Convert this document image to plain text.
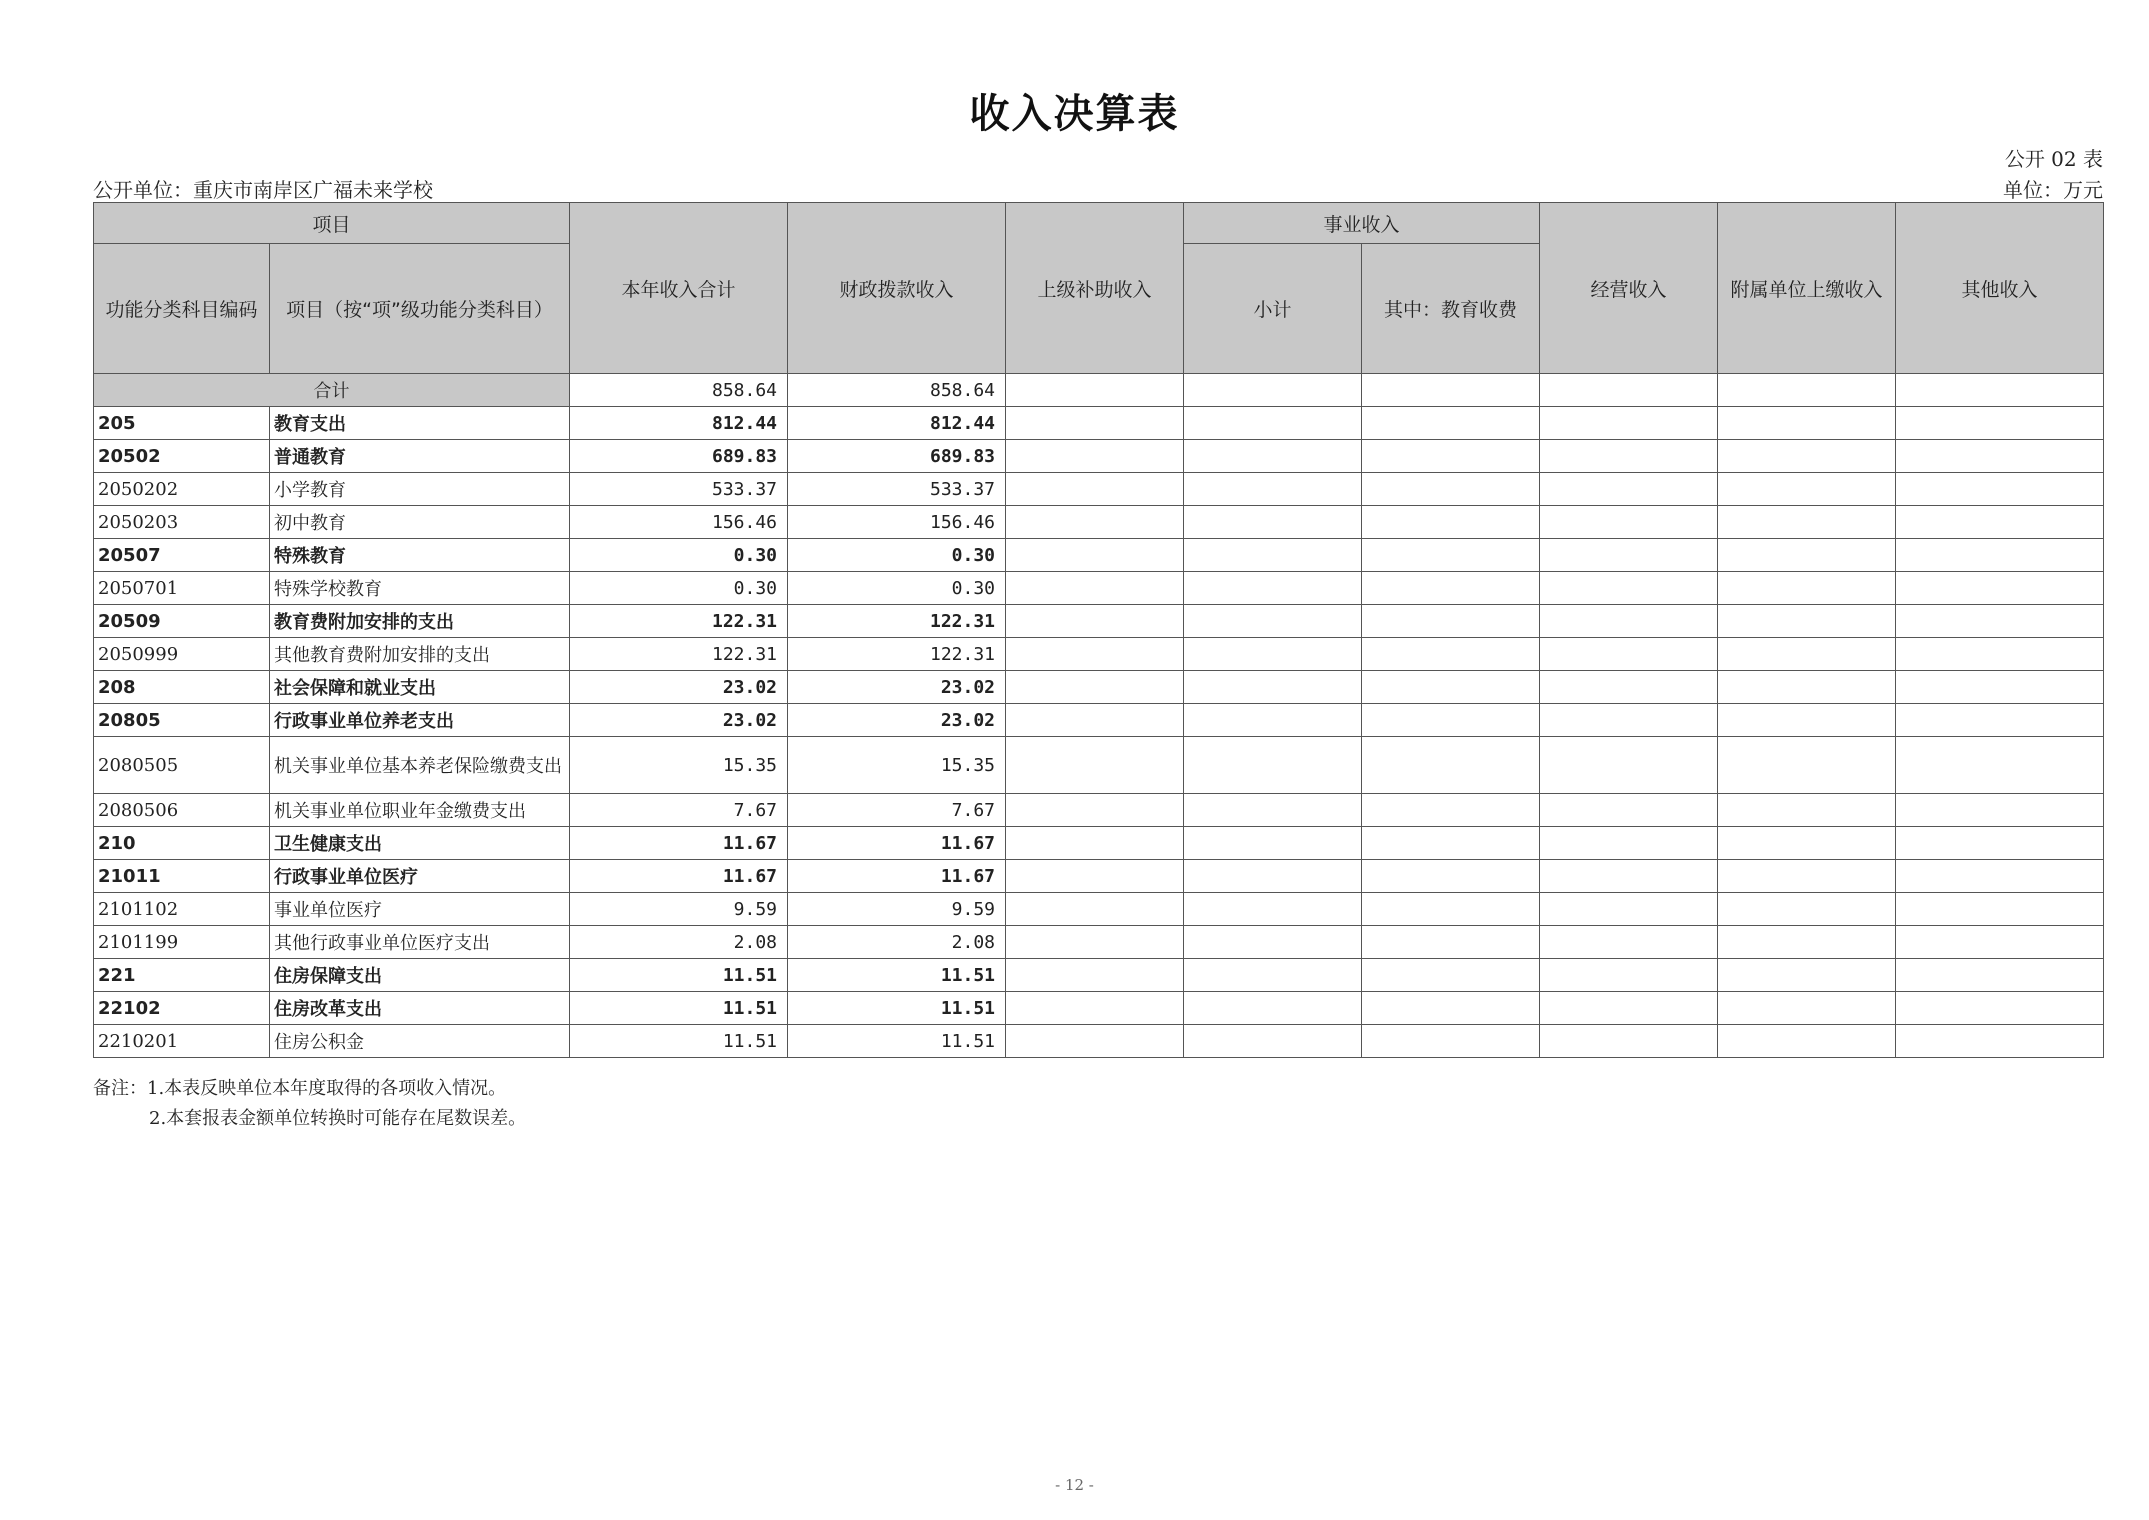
收入决算表
公开 02 表
公开单位：重庆市南岸区广福未来学校	单位：万元
项目		本年收入合计	财政拨款收入	上级补助收入	事业收入		经营收入	附属单位上缴收入	其他收入
功能分类科目编码	项目（按“项”级功能分类科目）				小计	其中：教育收费			
合计		858.64	858.64						
205	教育支出	812.44	812.44						
20502	普通教育	689.83	689.83						
2050202	小学教育	533.37	533.37						
2050203	初中教育	156.46	156.46						
20507	特殊教育	0.30	0.30						
2050701	特殊学校教育	0.30	0.30						
20509	教育费附加安排的支出	122.31	122.31						
2050999	其他教育费附加安排的支出	122.31	122.31						
208	社会保障和就业支出	23.02	23.02						
20805	行政事业单位养老支出	23.02	23.02						
2080505	机关事业单位基本养老保险缴费支出	15.35	15.35						
2080506	机关事业单位职业年金缴费支出	7.67	7.67						
210	卫生健康支出	11.67	11.67						
21011	行政事业单位医疗	11.67	11.67						
2101102	事业单位医疗	9.59	9.59						
2101199	其他行政事业单位医疗支出	2.08	2.08						
221	住房保障支出	11.51	11.51						
22102	住房改革支出	11.51	11.51						
2210201	住房公积金	11.51	11.51						
备注：1.本表反映单位本年度取得的各项收入情况。
2.本套报表金额单位转换时可能存在尾数误差。
- 12 -
